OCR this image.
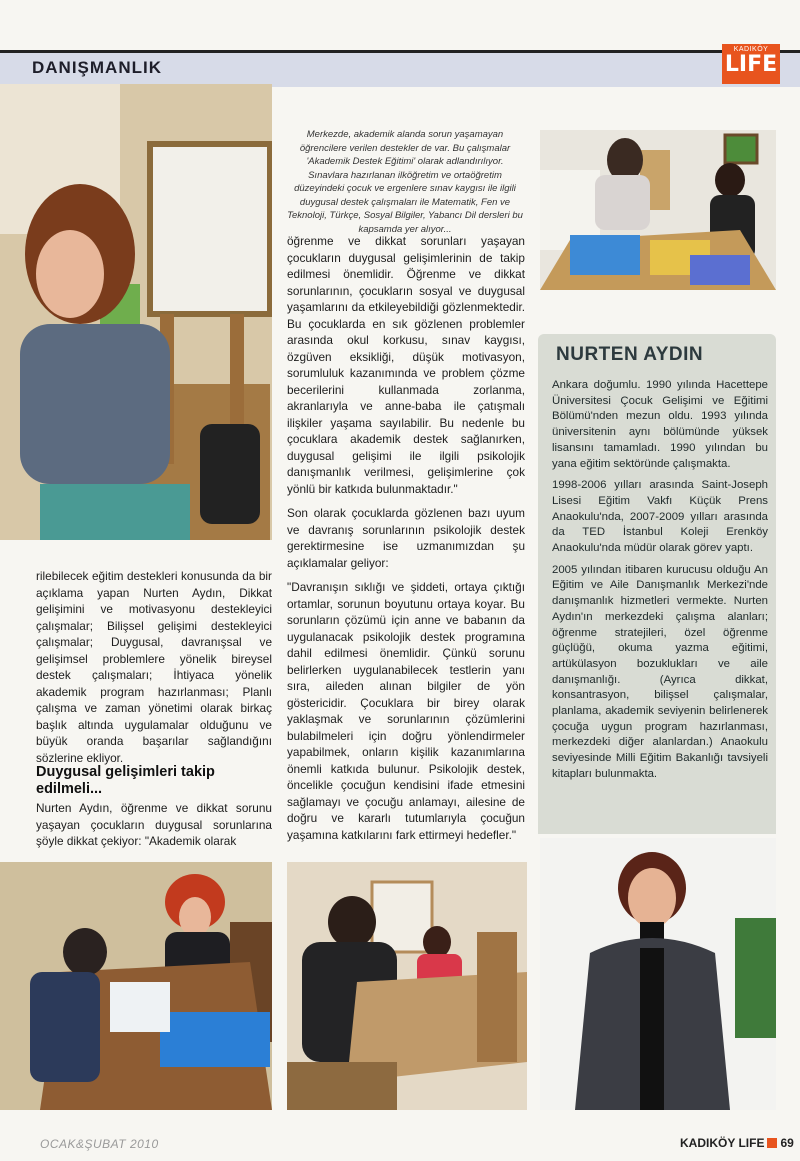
DANIŞMANLIK
KADIKÖY
LIFE
Merkezde, akademik alanda sorun yaşamayan öğrencilere verilen destekler de var. Bu çalışmalar 'Akademik Destek Eğitimi' olarak adlandırılıyor. Sınavlara hazırlanan ilköğretim ve ortaöğretim düzeyindeki çocuk ve ergenlere sınav kaygısı ile ilgili duygusal destek çalışmaları ile Matematik, Fen ve Teknoloji, Türkçe, Sosyal Bilgiler, Yabancı Dil dersleri bu kapsamda yer alıyor...

rilebilecek eğitim destekleri konusunda da bir açıklama yapan Nurten Aydın, Dikkat gelişimini ve motivasyonu destekleyici çalışmalar; Bilişsel gelişimi destekleyici çalışmalar; Duygusal, davranışsal ve gelişimsel problemlere yönelik bireysel destek çalışmaları; İhtiyaca yönelik akademik program hazırlanması; Planlı çalışma ve zaman yönetimi olarak birkaç başlık altında uygulamalar olduğunu ve büyük oranda başarılar sağlandığını sözlerine ekliyor.

Duygusal gelişimleri takip edilmeli...

Nurten Aydın, öğrenme ve dikkat sorunu yaşayan çocukların duygusal sorunlarına şöyle dikkat çekiyor: "Akademik olarak

öğrenme ve dikkat sorunları yaşayan çocukların duygusal gelişimlerinin de takip edilmesi önemlidir. Öğrenme ve dikkat sorunlarının, çocukların sosyal ve duygusal yaşamlarını da etkileyebildiği gözlenmektedir. Bu çocuklarda en sık gözlenen problemler arasında okul korkusu, sınav kaygısı, özgüven eksikliği, düşük motivasyon, sorumluluk kazanımında ve problem çözme becerilerini kullanmada zorlanma, akranlarıyla ve anne-baba ile çatışmalı ilişkiler yaşama sayılabilir. Bu nedenle bu çocuklara akademik destek sağlanırken, duygusal gelişimi ile ilgili psikolojik danışmanlık verilmesi, gelişimlerine çok yönlü bir katkıda bulunmaktadır."

Son olarak çocuklarda gözlenen bazı uyum ve davranış sorunlarının psikolojik destek gerektirmesine ise uzmanımızdan şu açıklamalar geliyor:

"Davranışın sıklığı ve şiddeti, ortaya çıktığı ortamlar, sorunun boyutunu ortaya koyar. Bu sorunların çözümü için anne ve babanın da uygulanacak psikolojik destek programına dahil edilmesi önemlidir. Çünkü sorunu belirlerken uygulanabilecek testlerin yanı sıra, aileden alınan bilgiler de yön göstericidir. Çocuklara bir birey olarak yaklaşmak ve sorunlarının çözümlerini bulabilmeleri için doğru yönlendirmeler yapabilmek, onların kişilik kazanımlarına önemli katkıda bulunur. Psikolojik destek, öncelikle çocuğun kendisini ifade etmesini sağlamayı ve çocuğu anlamayı, ailesine de doğru ve kararlı tutumlarıyla çocuğun yaşamına katkılarını fark ettirmeyi hedefler."

NURTEN AYDIN

Ankara doğumlu. 1990 yılında Hacettepe Üniversitesi Çocuk Gelişimi ve Eğitimi Bölümü'nden mezun oldu. 1993 yılında üniversitenin aynı bölümünde yüksek lisansını tamamladı. 1990 yılından bu yana eğitim sektöründe çalışmakta.

1998-2006 yılları arasında Saint-Joseph Lisesi Eğitim Vakfı Küçük Prens Anaokulu'nda, 2007-2009 yılları arasında da TED İstanbul Koleji Erenköy Anaokulu'nda müdür olarak görev yaptı.

2005 yılından itibaren kurucusu olduğu An Eğitim ve Aile Danışmanlık Merkezi'nde danışmanlık hizmetleri vermekte. Nurten Aydın'ın merkezdeki çalışma alanları; öğrenme stratejileri, özel öğrenme güçlüğü, okuma yazma eğitimi, artükülasyon bozuklukları ve aile danışmanlığı. (Ayrıca dikkat, konsantrasyon, bilişsel çalışmalar, planlama, akademik seviyenin belirlenerek çocuğa uygun program hazırlanması, merkezdeki diğer alanlardan.) Anaokulu seviyesinde Milli Eğitim Bakanlığı tavsiyeli kitapları bulunmakta.

OCAK&ŞUBAT 2010	KADIKÖY LIFE 69
